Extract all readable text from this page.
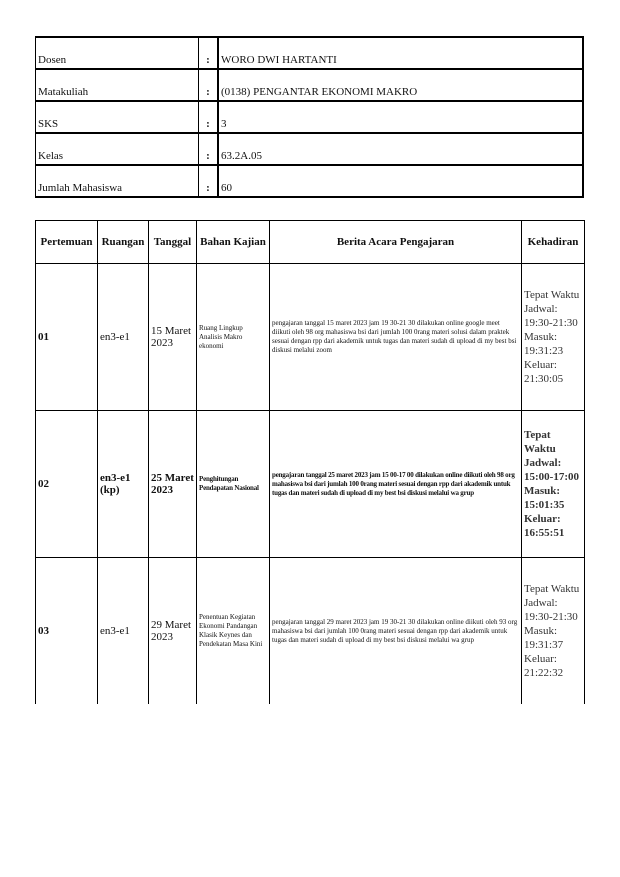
Dosen	:	WORO DWI HARTANTI
Matakuliah	:	(0138) PENGANTAR EKONOMI MAKRO
SKS	:	3
Kelas	:	63.2A.05
Jumlah Mahasiswa	:	60
Pertemuan	Ruangan	Tanggal	Bahan Kajian	Berita Acara Pengajaran	Kehadiran
01	en3-e1	15 Maret 2023	Ruang Lingkup Analisis Makro ekonomi	pengajaran tanggal 15 maret 2023 jam 19 30-21 30 dilakukan online google meet diikuti oleh 98 org mahasiswa bsi dari jumlah 100 0rang materi solusi dalam praktek sesuai dengan rpp dari akademik untuk tugas dan materi sudah di upload di my best bsi diskusi melalui zoom	Tepat Waktu Jadwal: 19:30-21:30 Masuk: 19:31:23 Keluar: 21:30:05
02	en3-e1 (kp)	25 Maret 2023	Penghitungan Pendapatan Nasional	pengajaran tanggal 25 maret 2023 jam 15 00-17 00 dilakukan online diikuti oleh 98 org mahasiswa bsi dari jumlah 100 0rang materi sesuai dengan rpp dari akademik untuk tugas dan materi sudah di upload di my best bsi diskusi melalui wa grup	Tepat Waktu Jadwal: 15:00-17:00 Masuk: 15:01:35 Keluar: 16:55:51
03	en3-e1	29 Maret 2023	Penentuan Kegiatan Ekonomi Pandangan Klasik Keynes dan Pendekatan Masa Kini	pengajaran tanggal 29 maret 2023 jam 19 30-21 30 dilakukan online diikuti oleh 93 org mahasiswa bsi dari jumlah 100 0rang materi sesuai dengan rpp dari akademik untuk tugas dan materi sudah di upload di my best bsi diskusi melalui wa grup	Tepat Waktu Jadwal: 19:30-21:30 Masuk: 19:31:37 Keluar: 21:22:32
